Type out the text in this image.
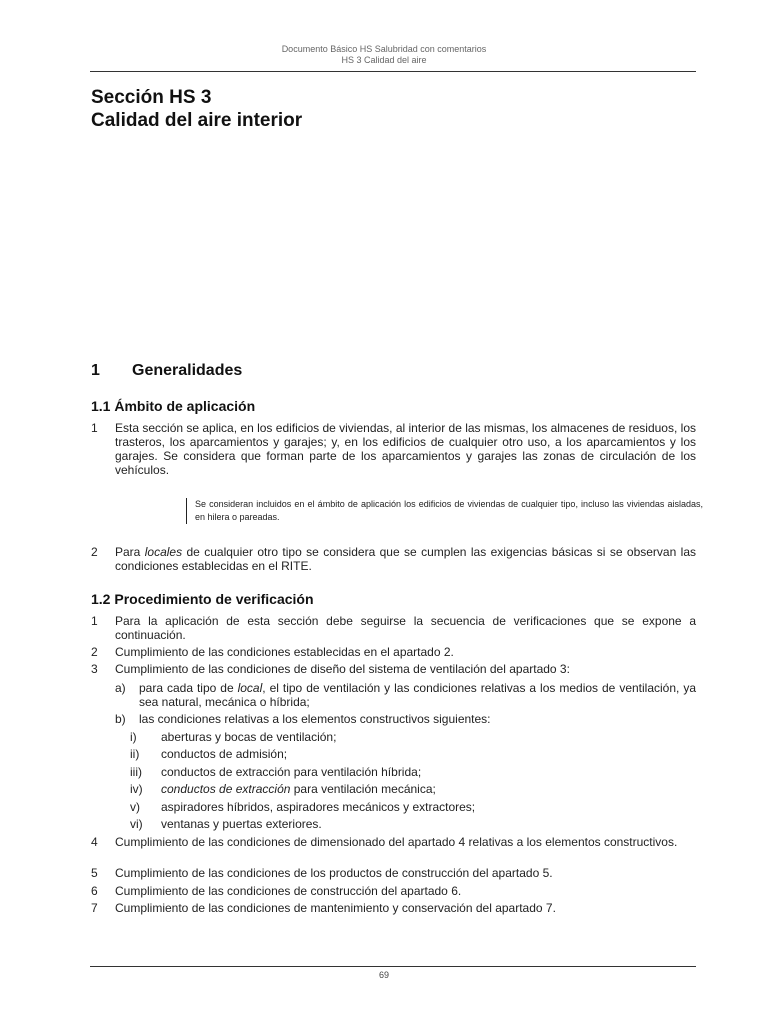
Documento Básico HS Salubridad con comentarios
HS 3 Calidad del aire
Sección HS 3
Calidad del aire interior
1 Generalidades
1.1 Ámbito de aplicación
1 Esta sección se aplica, en los edificios de viviendas, al interior de las mismas, los almacenes de residuos, los trasteros, los aparcamientos y garajes; y, en los edificios de cualquier otro uso, a los aparcamientos y los garajes. Se considera que forman parte de los aparcamientos y garajes las zonas de circulación de los vehículos.
Se consideran incluidos en el ámbito de aplicación los edificios de viviendas de cualquier tipo, incluso las viviendas aisladas, en hilera o pareadas.
2 Para locales de cualquier otro tipo se considera que se cumplen las exigencias básicas si se observan las condiciones establecidas en el RITE.
1.2 Procedimiento de verificación
1 Para la aplicación de esta sección debe seguirse la secuencia de verificaciones que se expone a continuación.
2 Cumplimiento de las condiciones establecidas en el apartado 2.
3 Cumplimiento de las condiciones de diseño del sistema de ventilación del apartado 3:
a) para cada tipo de local, el tipo de ventilación y las condiciones relativas a los medios de ventilación, ya sea natural, mecánica o híbrida;
b) las condiciones relativas a los elementos constructivos siguientes:
i) aberturas y bocas de ventilación;
ii) conductos de admisión;
iii) conductos de extracción para ventilación híbrida;
iv) conductos de extracción para ventilación mecánica;
v) aspiradores híbridos, aspiradores mecánicos y extractores;
vi) ventanas y puertas exteriores.
4 Cumplimiento de las condiciones de dimensionado del apartado 4 relativas a los elementos constructivos.
5 Cumplimiento de las condiciones de los productos de construcción del apartado 5.
6 Cumplimiento de las condiciones de construcción del apartado 6.
7 Cumplimiento de las condiciones de mantenimiento y conservación del apartado 7.
69
